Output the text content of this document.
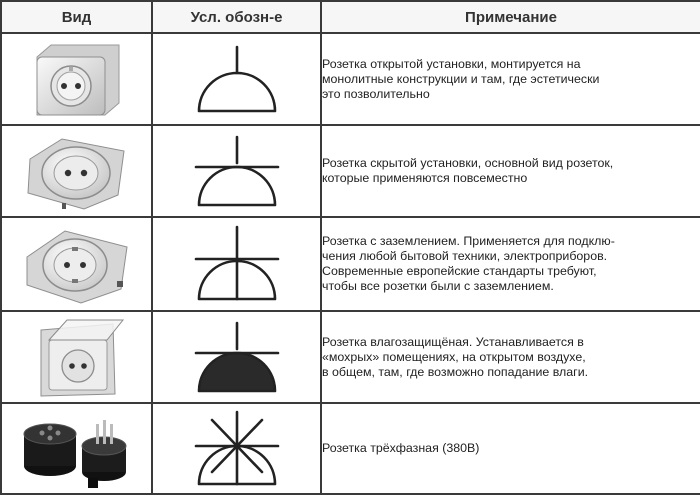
Вид	Усл. обозн-е	Примечание

Розетка открытой установки, монтируется на
монолитные конструкции и там, где эстетически
это позволительно

Розетка скрытой установки, основной вид розеток,
которые применяются повсеместно

Розетка с заземлением. Применяется для подклю-
чения любой бытовой техники, электроприборов.
Современные европейские стандарты требуют,
чтобы все розетки были с заземлением.

Розетка влагозащищёная. Устанавливается в
«мохрых» помещениях, на открытом воздухе,
в общем, там, где возможно попадание влаги.

Розетка трёхфазная (380В)
